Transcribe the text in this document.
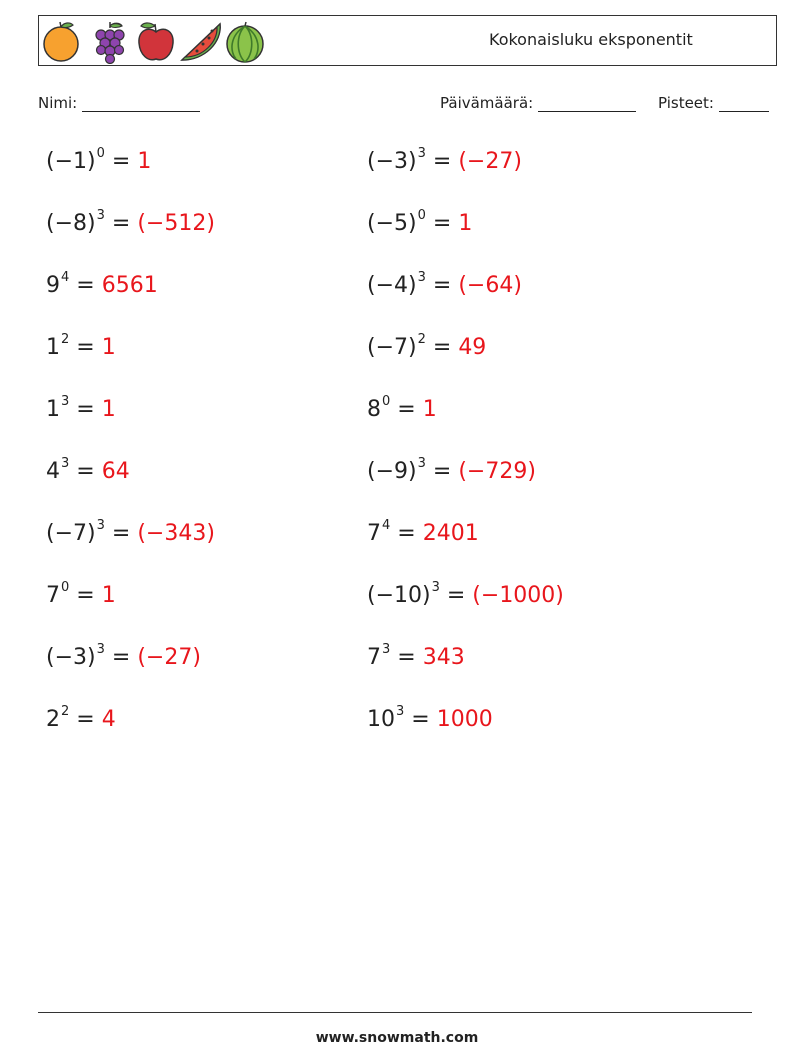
Kokonaisluku eksponentit
Nimi:	Päivämäärä:	Pisteet:
$(-1)^0 = 1$	$(-3)^3 = (-27)$
$(-8)^3 = (-512)$	$(-5)^0 = 1$
$9^4 = 6561$	$(-4)^3 = (-64)$
$1^2 = 1$	$(-7)^2 = 49$
$1^3 = 1$	$8^0 = 1$
$4^3 = 64$	$(-9)^3 = (-729)$
$(-7)^3 = (-343)$	$7^4 = 2401$
$7^0 = 1$	$(-10)^3 = (-1000)$
$(-3)^3 = (-27)$	$7^3 = 343$
$2^2 = 4$	$10^3 = 1000$
www.snowmath.com
